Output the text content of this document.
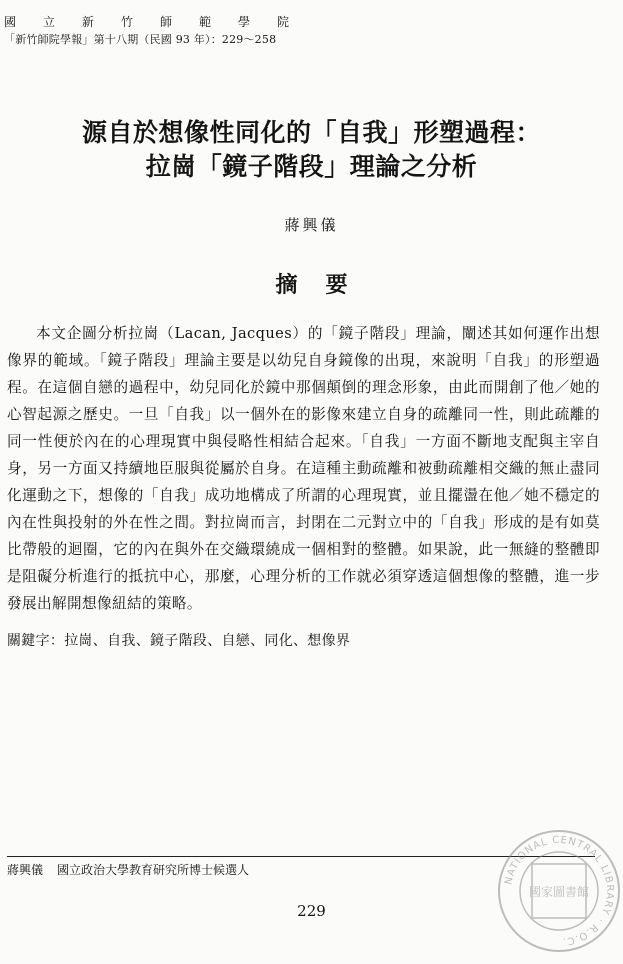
國立新竹師範學院
「新竹師院學報」第十八期（民國 93 年）：229～258
源自於想像性同化的「自我」形塑過程：
拉崗「鏡子階段」理論之分析
蔣興儀
摘要
本文企圖分析拉崗（Lacan, Jacques）的「鏡子階段」理論，闡述其如何運作出想像界的範域。「鏡子階段」理論主要是以幼兒自身鏡像的出現，來說明「自我」的形塑過程。在這個自戀的過程中，幼兒同化於鏡中那個顛倒的理念形象，由此而開創了他／她的心智起源之歷史。一旦「自我」以一個外在的影像來建立自身的疏離同一性，則此疏離的同一性便於內在的心理現實中與侵略性相結合起來。「自我」一方面不斷地支配與主宰自身，另一方面又持續地臣服與從屬於自身。在這種主動疏離和被動疏離相交織的無止盡同化運動之下，想像的「自我」成功地構成了所謂的心理現實，並且擺盪在他／她不穩定的內在性與投射的外在性之間。對拉崗而言，封閉在二元對立中的「自我」形成的是有如莫比帶般的迴圈，它的內在與外在交織環繞成一個相對的整體。如果說，此一無縫的整體即是阻礙分析進行的抵抗中心，那麼，心理分析的工作就必須穿透這個想像的整體，進一步發展出解開想像紐結的策略。
關鍵字：拉崗、自我、鏡子階段、自戀、同化、想像界
蔣興儀 國立政治大學教育研究所博士候選人
229
NATIONAL CENTRAL LIBRARY · R.O.C.
國家圖書館
